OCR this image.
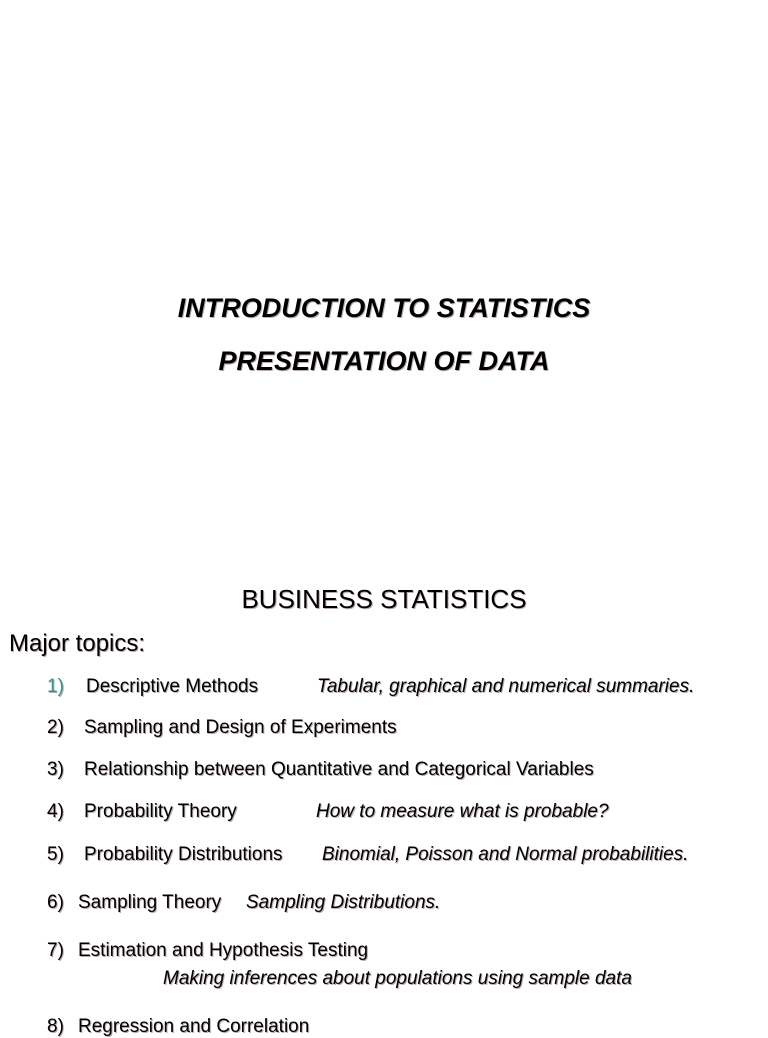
INTRODUCTION TO STATISTICS
PRESENTATION OF DATA
BUSINESS STATISTICS
Major topics:
1) Descriptive Methods	Tabular, graphical and numerical summaries.
2) Sampling and Design of Experiments
3) Relationship between Quantitative and Categorical Variables
4) Probability Theory	How to measure what is probable?
5) Probability Distributions Binomial, Poisson and Normal probabilities.
6) Sampling Theory Sampling Distributions.
7) Estimation and Hypothesis Testing
Making inferences about populations using sample data
8) Regression and Correlation
